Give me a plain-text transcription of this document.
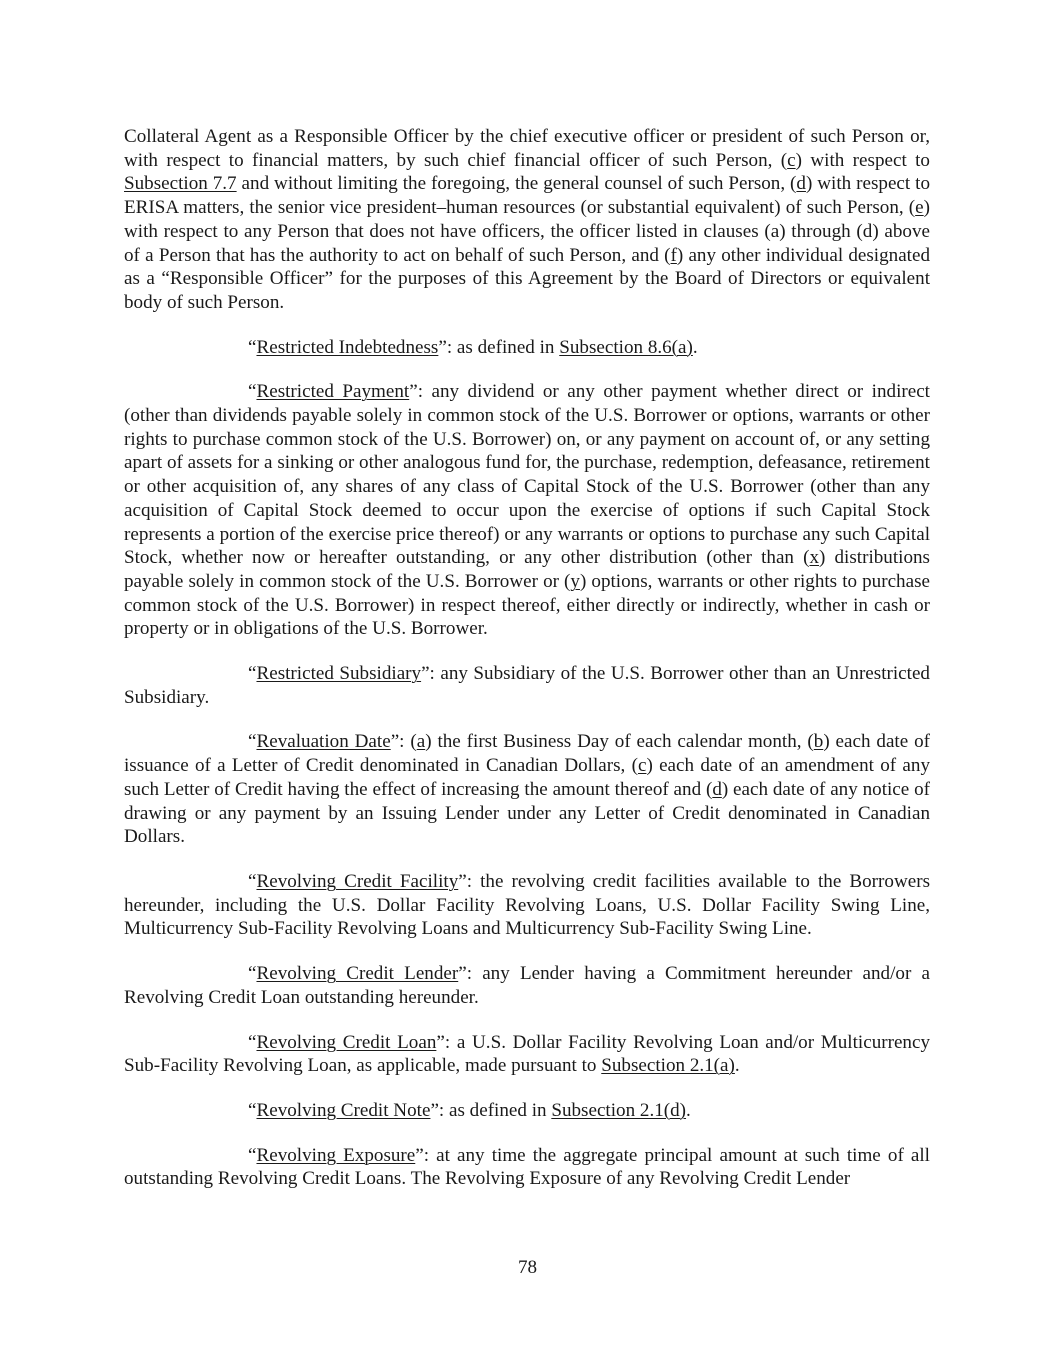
Collateral Agent as a Responsible Officer by the chief executive officer or president of such Person or, with respect to financial matters, by such chief financial officer of such Person, (c) with respect to Subsection 7.7 and without limiting the foregoing, the general counsel of such Person, (d) with respect to ERISA matters, the senior vice president–human resources (or substantial equivalent) of such Person, (e) with respect to any Person that does not have officers, the officer listed in clauses (a) through (d) above of a Person that has the authority to act on behalf of such Person, and (f) any other individual designated as a “Responsible Officer” for the purposes of this Agreement by the Board of Directors or equivalent body of such Person.

“Restricted Indebtedness”: as defined in Subsection 8.6(a).

“Restricted Payment”: any dividend or any other payment whether direct or indirect (other than dividends payable solely in common stock of the U.S. Borrower or options, warrants or other rights to purchase common stock of the U.S. Borrower) on, or any payment on account of, or any setting apart of assets for a sinking or other analogous fund for, the purchase, redemption, defeasance, retirement or other acquisition of, any shares of any class of Capital Stock of the U.S. Borrower (other than any acquisition of Capital Stock deemed to occur upon the exercise of options if such Capital Stock represents a portion of the exercise price thereof) or any warrants or options to purchase any such Capital Stock, whether now or hereafter outstanding, or any other distribution (other than (x) distributions payable solely in common stock of the U.S. Borrower or (y) options, warrants or other rights to purchase common stock of the U.S. Borrower) in respect thereof, either directly or indirectly, whether in cash or property or in obligations of the U.S. Borrower.

“Restricted Subsidiary”: any Subsidiary of the U.S. Borrower other than an Unrestricted Subsidiary.

“Revaluation Date”: (a) the first Business Day of each calendar month, (b) each date of issuance of a Letter of Credit denominated in Canadian Dollars, (c) each date of an amendment of any such Letter of Credit having the effect of increasing the amount thereof and (d) each date of any notice of drawing or any payment by an Issuing Lender under any Letter of Credit denominated in Canadian Dollars.

“Revolving Credit Facility”: the revolving credit facilities available to the Borrowers hereunder, including the U.S. Dollar Facility Revolving Loans, U.S. Dollar Facility Swing Line, Multicurrency Sub-Facility Revolving Loans and Multicurrency Sub-Facility Swing Line.

“Revolving Credit Lender”: any Lender having a Commitment hereunder and/or a Revolving Credit Loan outstanding hereunder.

“Revolving Credit Loan”: a U.S. Dollar Facility Revolving Loan and/or Multicurrency Sub-Facility Revolving Loan, as applicable, made pursuant to Subsection 2.1(a).

“Revolving Credit Note”: as defined in Subsection 2.1(d).

“Revolving Exposure”: at any time the aggregate principal amount at such time of all outstanding Revolving Credit Loans. The Revolving Exposure of any Revolving Credit Lender

78
